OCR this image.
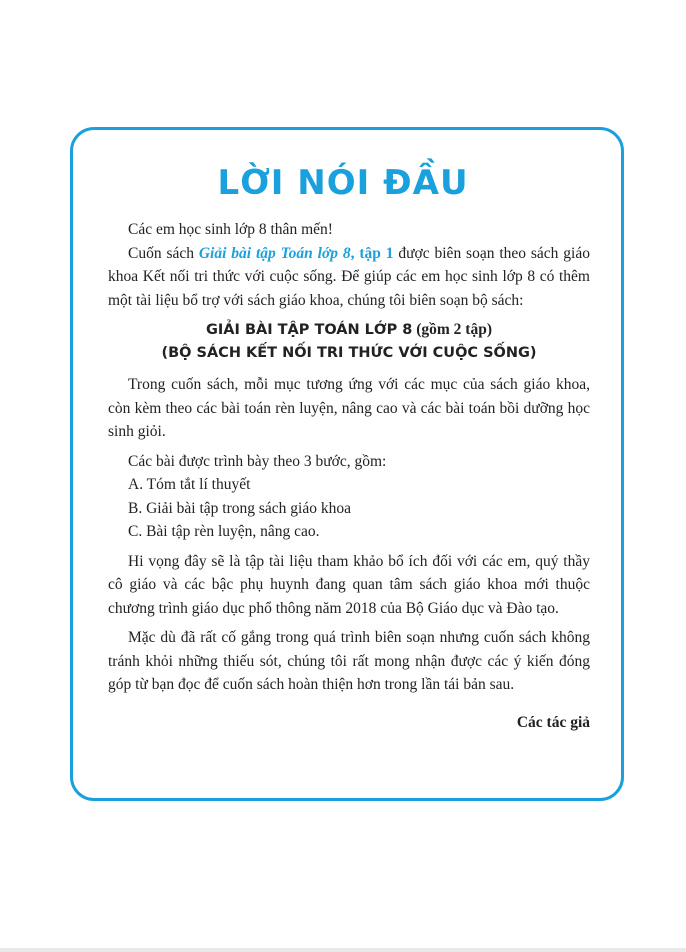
LỜI NÓI ĐẦU

Các em học sinh lớp 8 thân mến!

Cuốn sách Giải bài tập Toán lớp 8, tập 1 được biên soạn theo sách giáo khoa Kết nối tri thức với cuộc sống. Để giúp các em học sinh lớp 8 có thêm một tài liệu bổ trợ với sách giáo khoa, chúng tôi biên soạn bộ sách:

GIẢI BÀI TẬP TOÁN LỚP 8 (gồm 2 tập)
(BỘ SÁCH KẾT NỐI TRI THỨC VỚI CUỘC SỐNG)

Trong cuốn sách, mỗi mục tương ứng với các mục của sách giáo khoa, còn kèm theo các bài toán rèn luyện, nâng cao và các bài toán bồi dưỡng học sinh giỏi.

Các bài được trình bày theo 3 bước, gồm:

A. Tóm tắt lí thuyết

B. Giải bài tập trong sách giáo khoa

C. Bài tập rèn luyện, nâng cao.

Hi vọng đây sẽ là tập tài liệu tham khảo bổ ích đối với các em, quý thầy cô giáo và các bậc phụ huynh đang quan tâm sách giáo khoa mới thuộc chương trình giáo dục phổ thông năm 2018 của Bộ Giáo dục và Đào tạo.

Mặc dù đã rất cố gắng trong quá trình biên soạn nhưng cuốn sách không tránh khỏi những thiếu sót, chúng tôi rất mong nhận được các ý kiến đóng góp từ bạn đọc để cuốn sách hoàn thiện hơn trong lần tái bản sau.

Các tác giả
